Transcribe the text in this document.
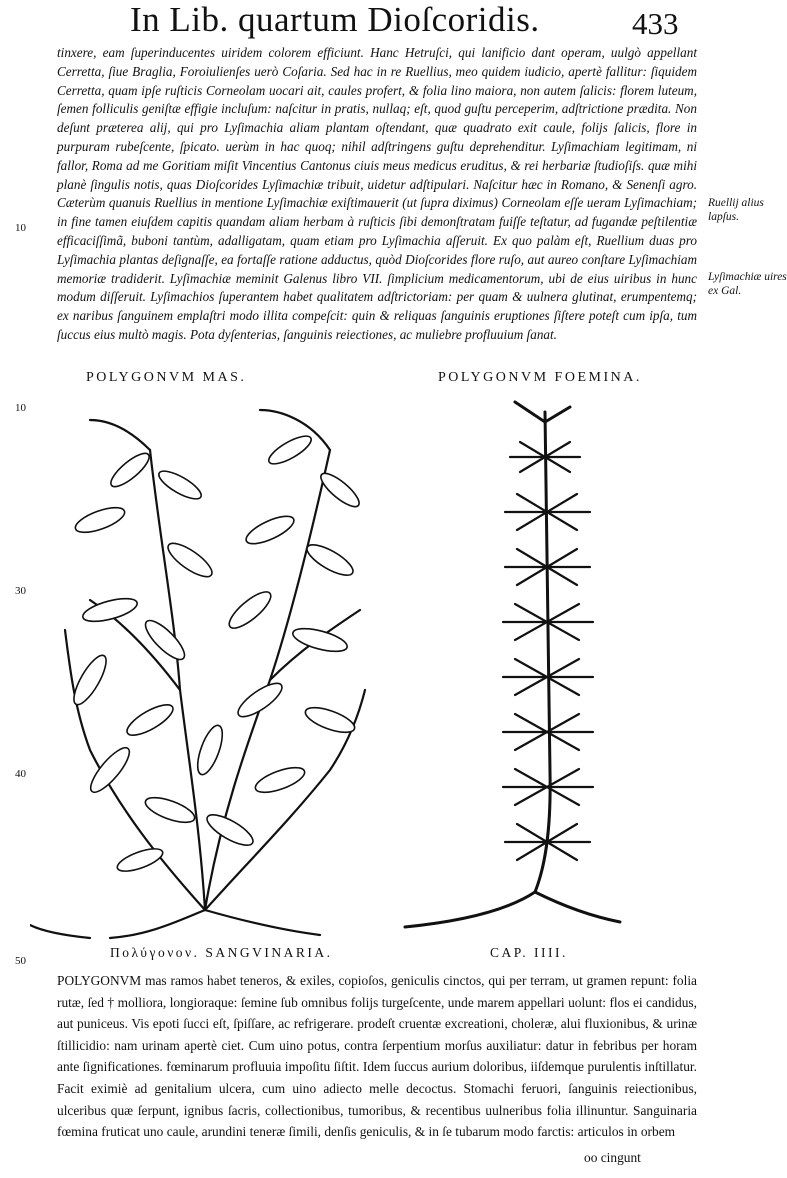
In Lib. quartum Dioſcoridis.	433

tinxere, eam ſuperinducentes uiridem colorem efficiunt. Hanc Hetruſci, qui lanificio dant operam, uulgò appellant Cerretta, ſiue Braglia, Foroiulienſes uerò Coſaria. Sed hac in re Ruellius, meo quidem iudicio, apertè fallitur: ſiquidem Cerretta, quam ipſe ruſticis Corneolam uocari ait, caules profert, & folia lino maiora, non autem ſalicis: florem luteum, ſemen folliculis geniſtæ effigie incluſum: naſcitur in pratis, nullaq; eſt, quod guſtu perceperim, adſtrictione prædita. Non deſunt præterea alij, qui pro Lyſimachia aliam plantam oſtendant, quæ quadrato exit caule, folijs ſalicis, flore in purpuram rubeſcente, ſpicato. uerùm in hac quoq; nihil adſtringens guſtu deprehenditur. Lyſimachiam legitimam, ni fallor, Roma ad me Goritiam miſit Vincentius Cantonus ciuis meus medicus eruditus, & rei herbariæ ſtudioſiſs. quæ mihi planè ſingulis notis, quas Dioſcorides Lyſimachiæ tribuit, uidetur adſtipulari. Naſcitur hæc in Romano, & Senenſi agro. Cæterùm quanuis Ruellius in mentione Lyſimachiæ exiſtimauerit (ut ſupra diximus) Corneolam eſſe ueram Lyſimachiam; in fine tamen eiuſdem capitis quandam aliam herbam à ruſticis ſibi demonſtratam fuiſſe teſtatur, ad fugandæ peſtilentiæ efficaciſſimã, buboni tantùm, adalligatam, quam etiam pro Lyſimachia aſſeruit. Ex quo palàm eſt, Ruellium duas pro Lyſimachia plantas deſignaſſe, ea fortaſſe ratione adductus, quòd Dioſcorides flore ruſo, aut aureo conſtare Lyſimachiam memoriæ tradiderit. Lyſimachiæ meminit Galenus libro VII. ſimplicium medicamentorum, ubi de eius uiribus in hunc modum diſſeruit. Lyſimachios ſuperantem habet qualitatem adſtrictoriam: per quam & uulnera glutinat, erumpentemq; ex naribus ſanguinem emplaſtri modo illita compeſcit: quin & reliquas ſanguinis eruptiones ſiſtere poteſt cum ipſa, tum ſuccus eius multò magis. Pota dyſenterias, ſanguinis reiectiones, ac muliebre profluuium ſanat.

Ruellij alius lapſus.
Lyſimachiæ uires ex Gal.
10
10
30
40
50
POLYGONVM MAS.	POLYGONVM FOEMINA.
Πολύγονον. SANGVINARIA.	CAP. IIII.

POLYGONVM mas ramos habet teneros, & exiles, copioſos, geniculis cinctos, qui per terram, ut gramen repunt: folia rutæ, ſed † molliora, longioraque: ſemine ſub omnibus folijs turgeſcente, unde marem appellari uolunt: flos ei candidus, aut puniceus. Vis epoti ſucci eſt, ſpiſſare, ac refrigerare. prodeſt cruentæ excreationi, choleræ, alui fluxionibus, & urinæ ſtillicidio: nam urinam apertè ciet. Cum uino potus, contra ſerpentium morſus auxiliatur: datur in febribus per horam ante ſignificationes. fœminarum profluuia impoſitu ſiſtit. Idem ſuccus aurium doloribus, iiſdemque purulentis inſtillatur. Facit eximiè ad genitalium ulcera, cum uino adiecto melle decoctus. Stomachi feruori, ſanguinis reiectionibus, ulceribus quæ ſerpunt, ignibus ſacris, collectionibus, tumoribus, & recentibus uulneribus folia illinuntur. Sanguinaria fœmina fruticat uno caule, arundini teneræ ſimili, denſis geniculis, & in ſe tubarum modo farctis: articulos in orbem

oo cingunt
